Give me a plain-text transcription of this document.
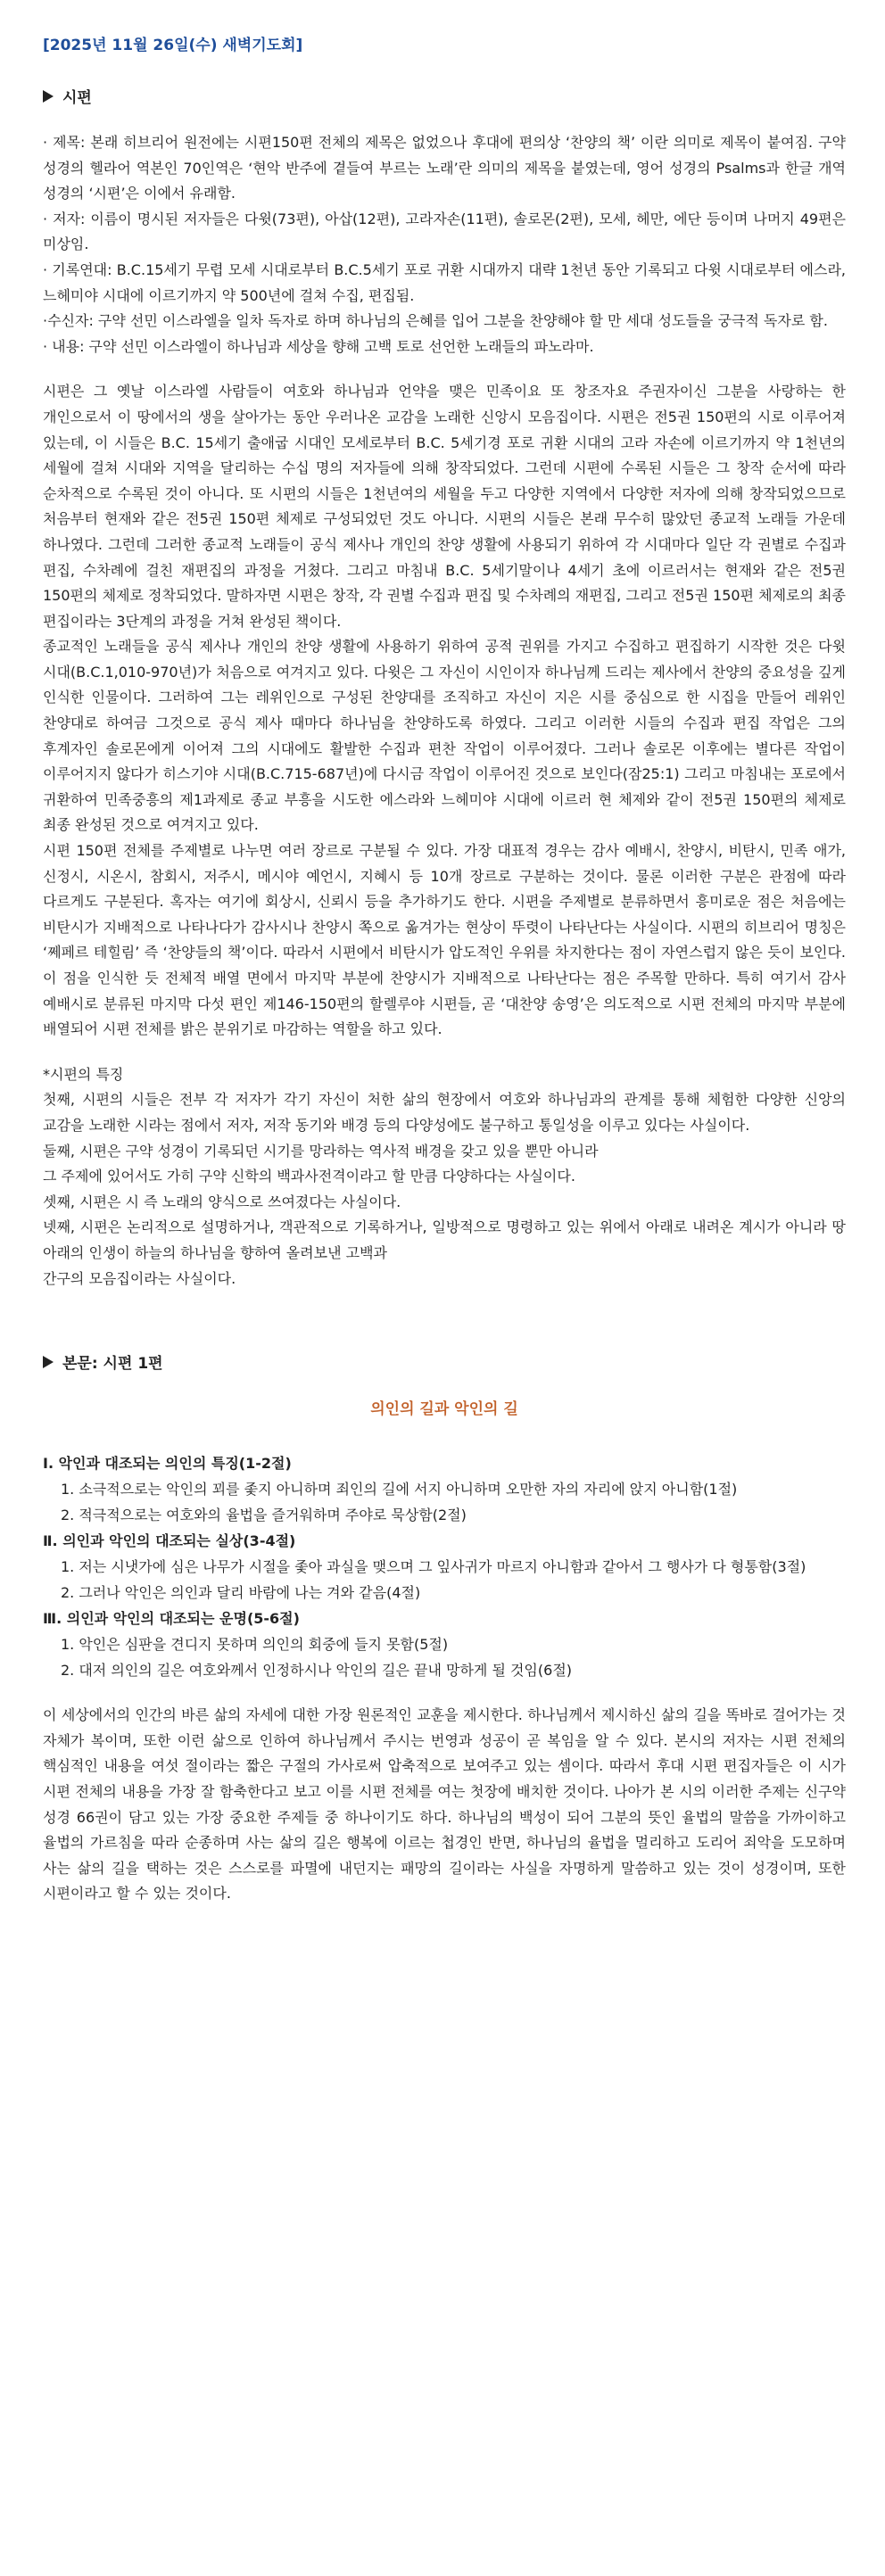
[2025년 11월 26일(수) 새벽기도회]
시편

· 제목: 본래 히브리어 원전에는 시편150편 전체의 제목은 없었으나 후대에 편의상 ‘찬양의 책’ 이란 의미로 제목이 붙여짐. 구약 성경의 헬라어 역본인 70인역은 ‘현악 반주에 곁들여 부르는 노래’란 의미의 제목을 붙였는데, 영어 성경의 Psalms과 한글 개역 성경의 ‘시편’은 이에서 유래함.

· 저자: 이름이 명시된 저자들은 다윗(73편), 아삽(12편), 고라자손(11편), 솔로몬(2편), 모세, 헤만, 에단 등이며 나머지 49편은 미상임.

· 기록연대: B.C.15세기 무렵 모세 시대로부터 B.C.5세기 포로 귀환 시대까지 대략 1천년 동안 기록되고 다윗 시대로부터 에스라, 느헤미야 시대에 이르기까지 약 500년에 걸쳐 수집, 편집됨.

·수신자: 구약 선민 이스라엘을 일차 독자로 하며 하나님의 은혜를 입어 그분을 찬양해야 할 만 세대 성도들을 궁극적 독자로 함.

· 내용: 구약 선민 이스라엘이 하나님과 세상을 향해 고백 토로 선언한 노래들의 파노라마.

시편은 그 옛날 이스라엘 사람들이 여호와 하나님과 언약을 맺은 민족이요 또 창조자요 주권자이신 그분을 사랑하는 한 개인으로서 이 땅에서의 생을 살아가는 동안 우러나온 교감을 노래한 신앙시 모음집이다. 시편은 전5권 150편의 시로 이루어져 있는데, 이 시들은 B.C. 15세기 출애굽 시대인 모세로부터 B.C. 5세기경 포로 귀환 시대의 고라 자손에 이르기까지 약 1천년의 세월에 걸쳐 시대와 지역을 달리하는 수십 명의 저자들에 의해 창작되었다. 그런데 시편에 수록된 시들은 그 창작 순서에 따라 순차적으로 수록된 것이 아니다. 또 시편의 시들은 1천년여의 세월을 두고 다양한 지역에서 다양한 저자에 의해 창작되었으므로 처음부터 현재와 같은 전5권 150편 체제로 구성되었던 것도 아니다. 시편의 시들은 본래 무수히 많았던 종교적 노래들 가운데 하나였다. 그런데 그러한 종교적 노래들이 공식 제사나 개인의 찬양 생활에 사용되기 위하여 각 시대마다 일단 각 권별로 수집과 편집, 수차례에 걸친 재편집의 과정을 거쳤다. 그리고 마침내 B.C. 5세기말이나 4세기 초에 이르러서는 현재와 같은 전5권 150편의 체제로 정착되었다. 말하자면 시편은 창작, 각 권별 수집과 편집 및 수차례의 재편집, 그리고 전5권 150편 체제로의 최종 편집이라는 3단계의 과정을 거쳐 완성된 책이다.

종교적인 노래들을 공식 제사나 개인의 찬양 생활에 사용하기 위하여 공적 권위를 가지고 수집하고 편집하기 시작한 것은 다윗 시대(B.C.1,010-970년)가 처음으로 여겨지고 있다. 다윗은 그 자신이 시인이자 하나님께 드리는 제사에서 찬양의 중요성을 깊게 인식한 인물이다. 그러하여 그는 레위인으로 구성된 찬양대를 조직하고 자신이 지은 시를 중심으로 한 시집을 만들어 레위인 찬양대로 하여금 그것으로 공식 제사 때마다 하나님을 찬양하도록 하였다. 그리고 이러한 시들의 수집과 편집 작업은 그의 후계자인 솔로몬에게 이어져 그의 시대에도 활발한 수집과 편찬 작업이 이루어졌다. 그러나 솔로몬 이후에는 별다른 작업이 이루어지지 않다가 히스기야 시대(B.C.715-687년)에 다시금 작업이 이루어진 것으로 보인다(잠25:1) 그리고 마침내는 포로에서 귀환하여 민족중흥의 제1과제로 종교 부흥을 시도한 에스라와 느헤미야 시대에 이르러 현 체제와 같이 전5권 150편의 체제로 최종 완성된 것으로 여겨지고 있다.

시편 150편 전체를 주제별로 나누면 여러 장르로 구분될 수 있다. 가장 대표적 경우는 감사 예배시, 찬양시, 비탄시, 민족 애가, 신정시, 시온시, 참회시, 저주시, 메시야 예언시, 지혜시 등 10개 장르로 구분하는 것이다. 물론 이러한 구분은 관점에 따라 다르게도 구분된다. 혹자는 여기에 회상시, 신뢰시 등을 추가하기도 한다. 시편을 주제별로 분류하면서 흥미로운 점은 처음에는 비탄시가 지배적으로 나타나다가 감사시나 찬양시 쪽으로 옮겨가는 현상이 뚜렷이 나타난다는 사실이다. 시편의 히브리어 명칭은 ‘쩨페르 테힐림’ 즉 ‘찬양들의 책’이다. 따라서 시편에서 비탄시가 압도적인 우위를 차지한다는 점이 자연스럽지 않은 듯이 보인다. 이 점을 인식한 듯 전체적 배열 면에서 마지막 부분에 찬양시가 지배적으로 나타난다는 점은 주목할 만하다. 특히 여기서 감사 예배시로 분류된 마지막 다섯 편인 제146-150편의 할렐루야 시편들, 곧 ‘대찬양 송영’은 의도적으로 시편 전체의 마지막 부분에 배열되어 시편 전체를 밝은 분위기로 마감하는 역할을 하고 있다.

*시편의 특징

첫째, 시편의 시들은 전부 각 저자가 각기 자신이 처한 삶의 현장에서 여호와 하나님과의 관계를 통해 체험한 다양한 신앙의 교감을 노래한 시라는 점에서 저자, 저작 동기와 배경 등의 다양성에도 불구하고 통일성을 이루고 있다는 사실이다.

둘째, 시편은 구약 성경이 기록되던 시기를 망라하는 역사적 배경을 갖고 있을 뿐만 아니라

그 주제에 있어서도 가히 구약 신학의 백과사전격이라고 할 만큼 다양하다는 사실이다.

셋째, 시편은 시 즉 노래의 양식으로 쓰여졌다는 사실이다.

넷째, 시편은 논리적으로 설명하거나, 객관적으로 기록하거나, 일방적으로 명령하고 있는 위에서 아래로 내려온 계시가 아니라 땅 아래의 인생이 하늘의 하나님을 향하여 올려보낸 고백과

간구의 모음집이라는 사실이다.

본문: 시편 1편
의인의 길과 악인의 길

Ⅰ. 악인과 대조되는 의인의 특징(1-2절)

1. 소극적으로는 악인의 꾀를 좇지 아니하며 죄인의 길에 서지 아니하며 오만한 자의 자리에 앉지 아니함(1절)

2. 적극적으로는 여호와의 율법을 즐거워하며 주야로 묵상함(2절)

Ⅱ. 의인과 악인의 대조되는 실상(3-4절)

1. 저는 시냇가에 심은 나무가 시절을 좇아 과실을 맺으며 그 잎사귀가 마르지 아니함과 같아서 그 행사가 다 형통함(3절)

2. 그러나 악인은 의인과 달리 바람에 나는 겨와 같음(4절)

Ⅲ. 의인과 악인의 대조되는 운명(5-6절)

1. 악인은 심판을 견디지 못하며 의인의 회중에 들지 못함(5절)

2. 대저 의인의 길은 여호와께서 인정하시나 악인의 길은 끝내 망하게 될 것임(6절)

이 세상에서의 인간의 바른 삶의 자세에 대한 가장 원론적인 교훈을 제시한다. 하나님께서 제시하신 삶의 길을 똑바로 걸어가는 것 자체가 복이며, 또한 이런 삶으로 인하여 하나님께서 주시는 번영과 성공이 곧 복임을 알 수 있다. 본시의 저자는 시편 전체의 핵심적인 내용을 여섯 절이라는 짧은 구절의 가사로써 압축적으로 보여주고 있는 셈이다. 따라서 후대 시편 편집자들은 이 시가 시편 전체의 내용을 가장 잘 함축한다고 보고 이를 시편 전체를 여는 첫장에 배치한 것이다. 나아가 본 시의 이러한 주제는 신구약 성경 66권이 담고 있는 가장 중요한 주제들 중 하나이기도 하다. 하나님의 백성이 되어 그분의 뜻인 율법의 말씀을 가까이하고 율법의 가르침을 따라 순종하며 사는 삶의 길은 행복에 이르는 첩경인 반면, 하나님의 율법을 멀리하고 도리어 죄악을 도모하며 사는 삶의 길을 택하는 것은 스스로를 파멸에 내던지는 패망의 길이라는 사실을 자명하게 말씀하고 있는 것이 성경이며, 또한 시편이라고 할 수 있는 것이다.
